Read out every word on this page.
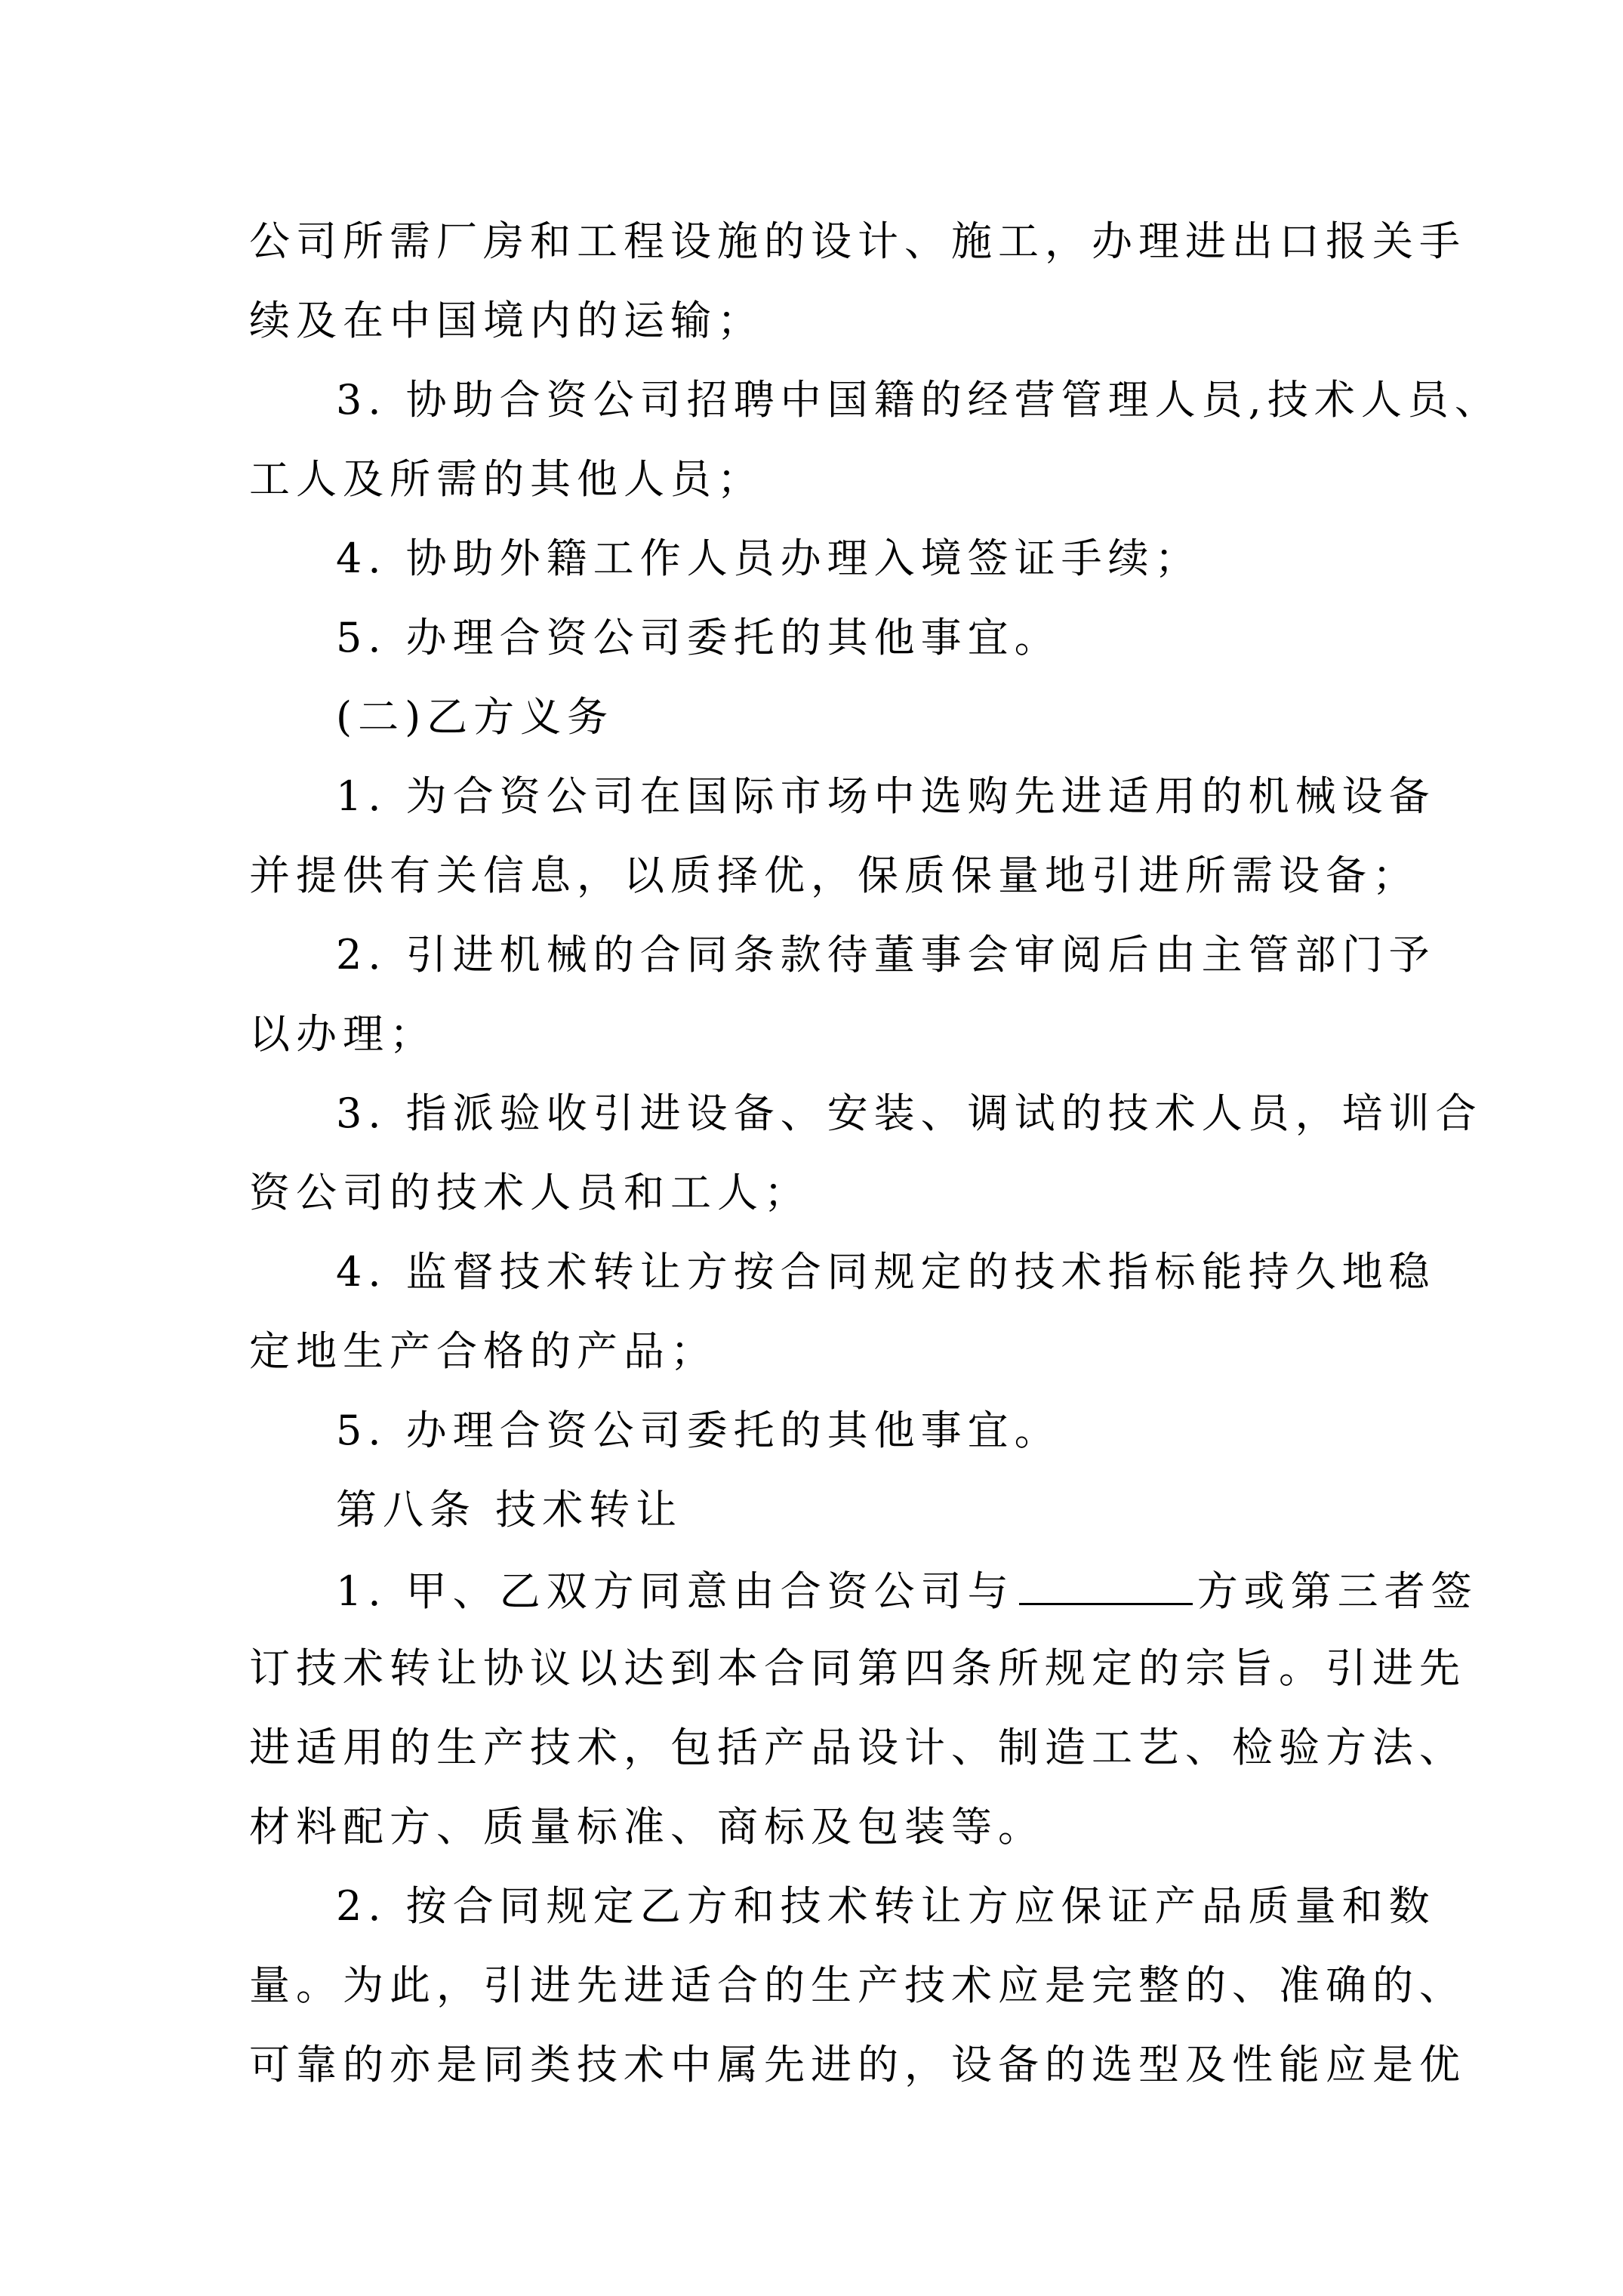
公司所需厂房和工程设施的设计、施工，办理进出口报关手
续及在中国境内的运输；
3. 协助合资公司招聘中国籍的经营管理人员,技术人员、
工人及所需的其他人员；
4. 协助外籍工作人员办理入境签证手续；
5. 办理合资公司委托的其他事宜。
(二)乙方义务
1. 为合资公司在国际市场中选购先进适用的机械设备
并提供有关信息，以质择优，保质保量地引进所需设备；
2. 引进机械的合同条款待董事会审阅后由主管部门予
以办理；
3. 指派验收引进设备、安装、调试的技术人员，培训合
资公司的技术人员和工人；
4. 监督技术转让方按合同规定的技术指标能持久地稳
定地生产合格的产品；
5. 办理合资公司委托的其他事宜。
第八条 技术转让
1. 甲、乙双方同意由合资公司与	方或第三者签
订技术转让协议以达到本合同第四条所规定的宗旨。引进先
进适用的生产技术，包括产品设计、制造工艺、检验方法、
材料配方、质量标准、商标及包装等。
2. 按合同规定乙方和技术转让方应保证产品质量和数
量。为此，引进先进适合的生产技术应是完整的、准确的、
可靠的亦是同类技术中属先进的，设备的选型及性能应是优
